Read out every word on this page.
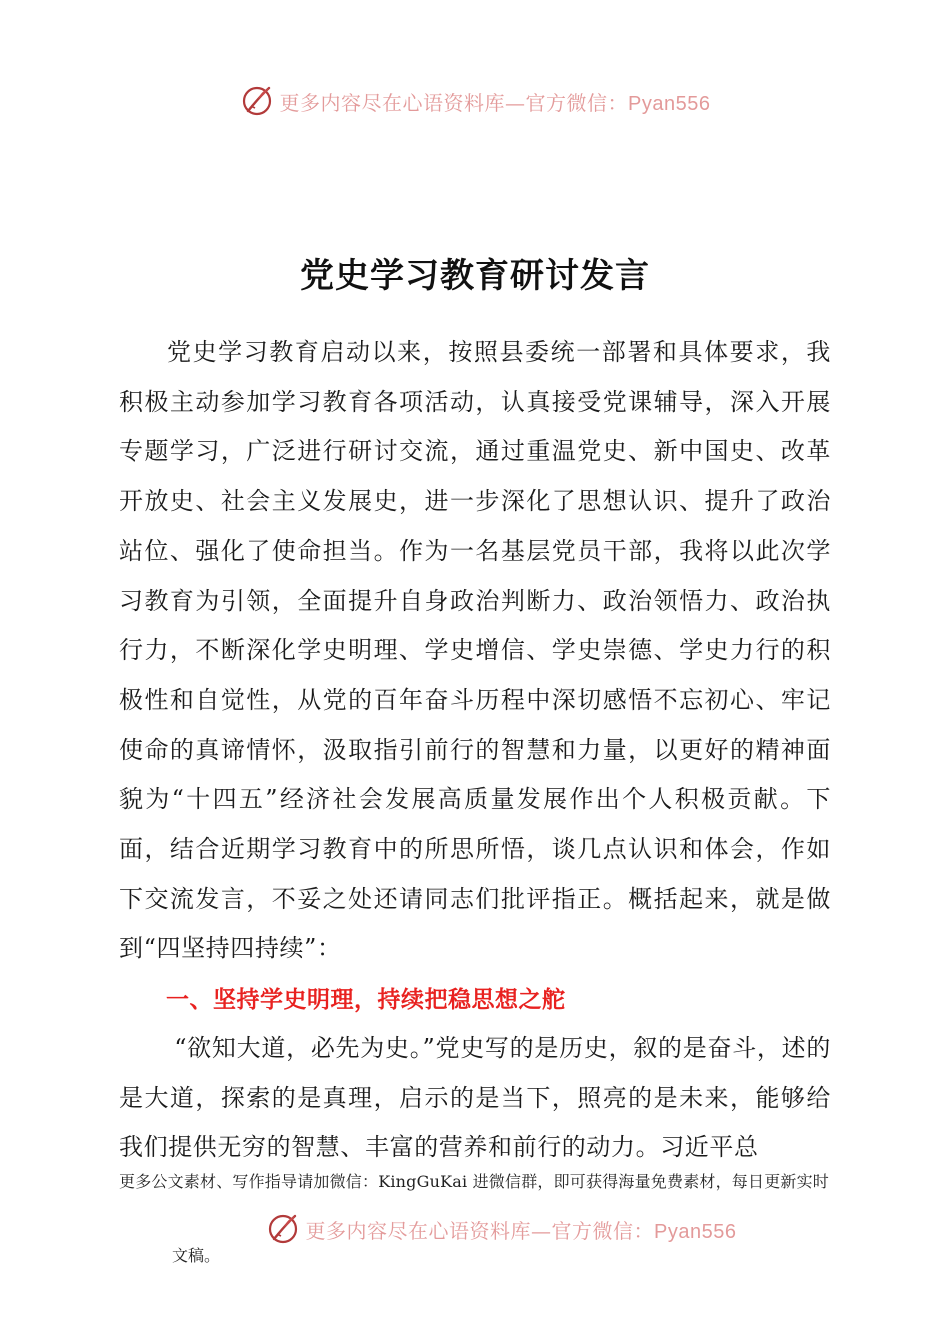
更多内容尽在心语资料库—官方微信：Pyan556
党史学习教育研讨发言

党史学习教育启动以来，按照县委统一部署和具体要求，我积极主动参加学习教育各项活动，认真接受党课辅导，深入开展专题学习，广泛进行研讨交流，通过重温党史、新中国史、改革开放史、社会主义发展史，进一步深化了思想认识、提升了政治站位、强化了使命担当。作为一名基层党员干部，我将以此次学习教育为引领，全面提升自身政治判断力、政治领悟力、政治执行力，不断深化学史明理、学史增信、学史崇德、学史力行的积极性和自觉性，从党的百年奋斗历程中深切感悟不忘初心、牢记使命的真谛情怀，汲取指引前行的智慧和力量，以更好的精神面貌为“十四五”经济社会发展高质量发展作出个人积极贡献。下面，结合近期学习教育中的所思所悟，谈几点认识和体会，作如下交流发言，不妥之处还请同志们批评指正。概括起来，就是做到“四坚持四持续”：

一、坚持学史明理，持续把稳思想之舵

“欲知大道，必先为史。”党史写的是历史，叙的是奋斗，述的是大道，探索的是真理，启示的是当下，照亮的是未来，能够给我们提供无穷的智慧、丰富的营养和前行的动力。习近平总

更多公文素材、写作指导请加微信：KingGuKai 进微信群，即可获得海量免费素材，每日更新实时

更多内容尽在心语资料库—官方微信：Pyan556

文稿。
